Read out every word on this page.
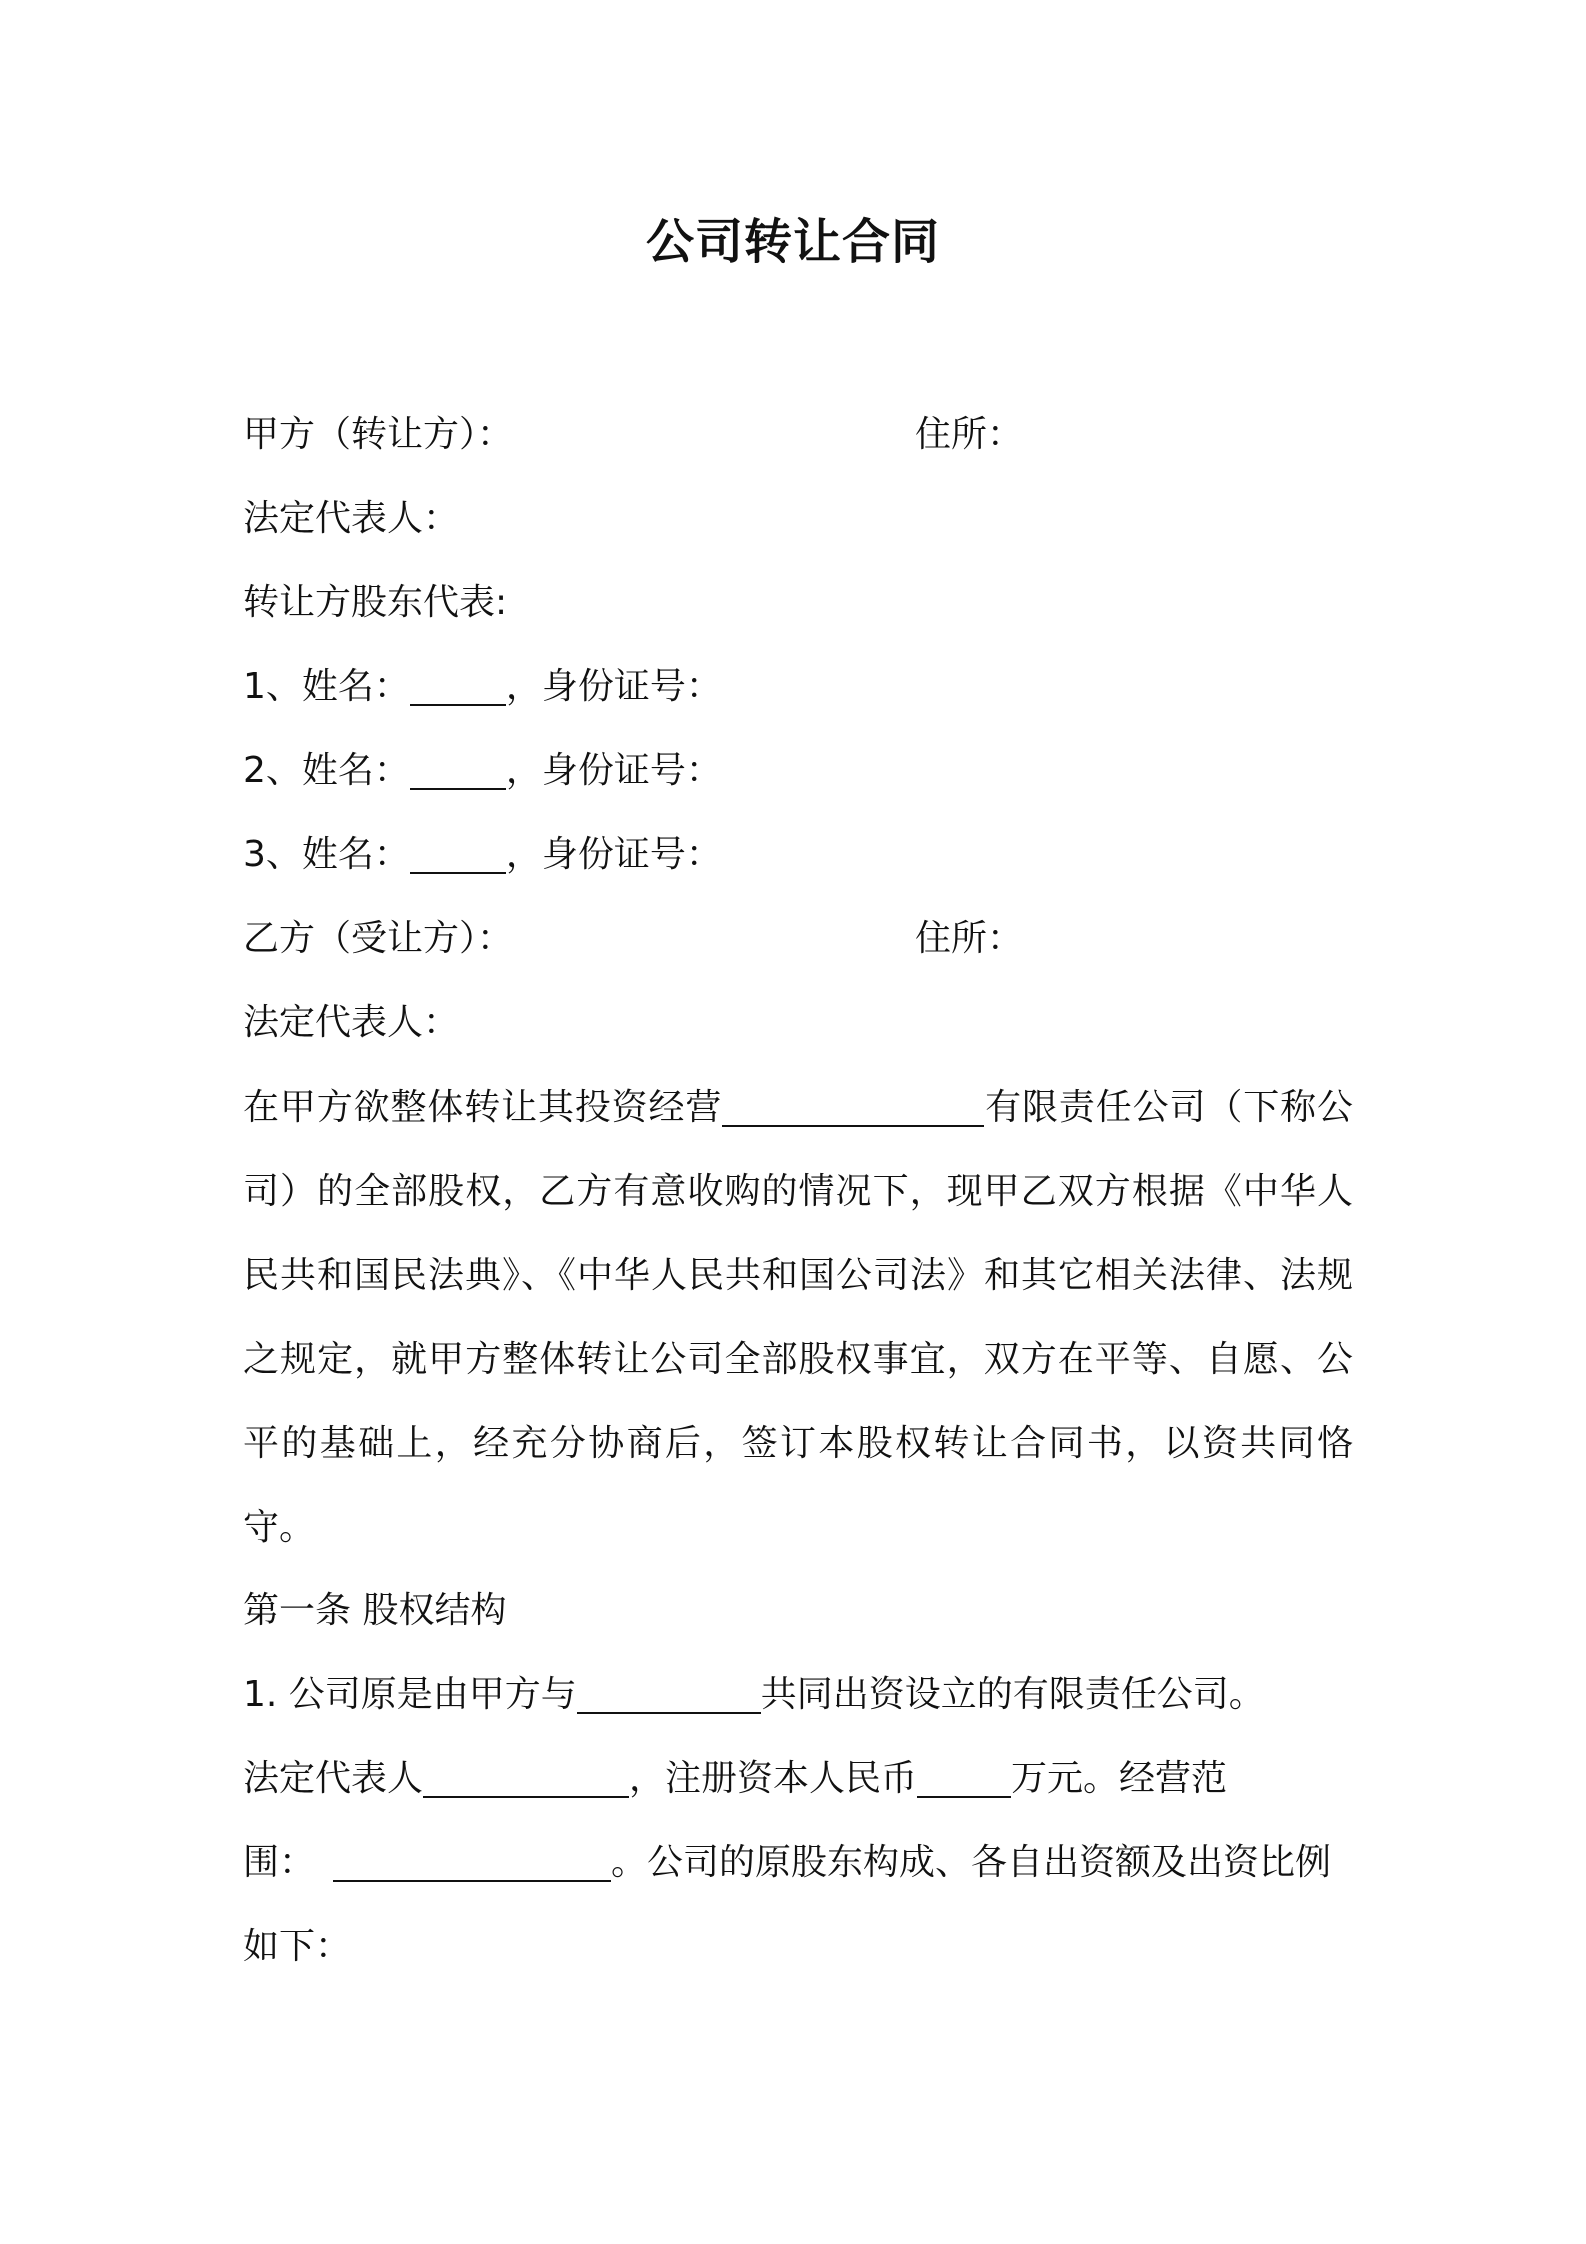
公司转让合同
甲方（转让方）：	住所：
法定代表人：
转让方股东代表:
1、姓名：	，身份证号：
2、姓名：	，身份证号：
3、姓名：	，身份证号：
乙方（受让方）：	住所：
法定代表人：
在甲方欲整体转让其投资经营	有限责任公司（下称公司）的全部股权，乙方有意收购的情况下，现甲乙双方根据《中华人民共和国民法典》、《中华人民共和国公司法》和其它相关法律、法规之规定，就甲方整体转让公司全部股权事宜，双方在平等、自愿、公平的基础上，经充分协商后，签订本股权转让合同书，以资共同恪守。
第一条 股权结构
1. 公司原是由甲方与	共同出资设立的有限责任公司。
法定代表人	，注册资本人民币	万元。经营范
围：	。公司的原股东构成、各自出资额及出资比例
如下：
